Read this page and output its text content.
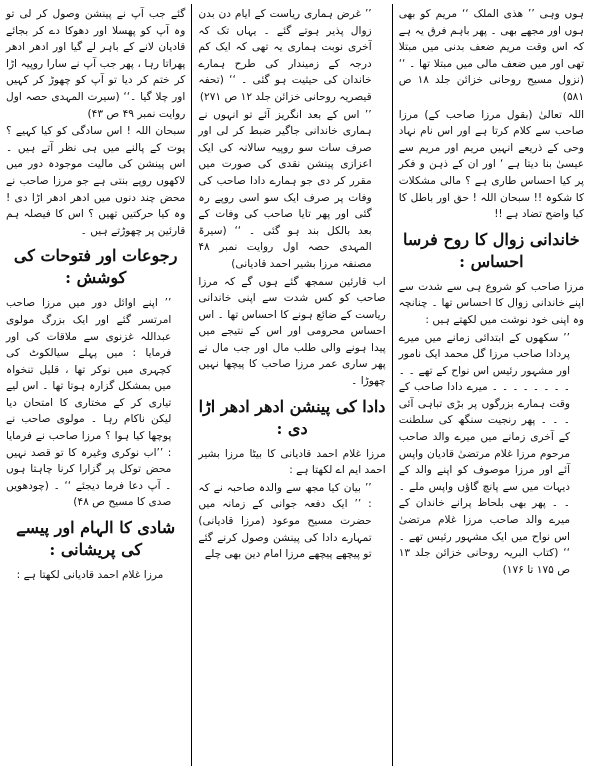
گئے جب آپ نے پینشن وصول کر لی تو وہ آپ کو پھسلا اور دھوکا دے کر بجائے قادیان لانے کے باہر لے گیا اور ادھر ادھر پھراتا رہا ، پھر جب آپ نے سارا روپیہ اڑا کر ختم کر دیا تو آپ کو چھوڑ کر کہیں اور چلا گیا ۔‘‘ (سیرت المہدی حصہ اول روایت نمبر ۴۹ ص ۴۳)

سبحان اللہ ! اس سادگی کو کیا کہیے ؟ پوت کے پالنے میں ہی نظر آتے ہیں ۔ اس پینشن کی مالیت موجودہ دور میں لاکھوں روپے بنتی ہے جو مرزا صاحب نے محض چند دنوں میں ادھر ادھر اڑا دی ! وہ کیا حرکتیں تھیں ؟ اس کا فیصلہ ہم قارئین پر چھوڑتے ہیں ۔

رجوعات اور فتوحات کی کوشش :

’’ اپنے اوائل دور میں مرزا صاحب امرتسر گئے اور ایک بزرگ مولوی عبداللہ غزنوی سے ملاقات کی اور فرمایا : میں پہلے سیالکوٹ کی کچہری میں نوکر تھا ، قلیل تنخواہ میں بمشکل گزارہ ہوتا تھا ۔ اس لیے تیاری کر کے مختاری کا امتحان دیا لیکن ناکام رہا ۔ مولوی صاحب نے پوچھا کیا ہوا ؟ مرزا صاحب نے فرمایا : ’’اب نوکری وغیرہ کا تو قصد نہیں محض توکل پر گزارا کرنا چاہتا ہوں ۔ آپ دعا فرما دیجئے ‘‘ ۔ (چودھویں صدی کا مسیح ص ۴۸)

شادی کا الہام اور پیسے کی پریشانی :

مرزا غلام احمد قادیانی لکھتا ہے :

’’ غرض ہماری ریاست کے ایام دن بدن زوال پذیر ہوتے گئے ۔ یہاں تک کہ آخری نوبت ہماری یہ تھی کہ ایک کم درجہ کے زمیندار کی طرح ہمارے خاندان کی حیثیت ہو گئی ۔ ‘‘ (تحفہ قیصریہ روحانی خزائن جلد ۱۲ ص ۲۷۱)

’’ اس کے بعد انگریز آئے تو انہوں نے ہماری خاندانی جاگیر ضبط کر لی اور صرف سات سو روپیہ سالانہ کی ایک اعزازی پینشن نقدی کی صورت میں مقرر کر دی جو ہمارے دادا صاحب کی وفات پر صرف ایک سو اسی روپے رہ گئی اور پھر تایا صاحب کی وفات کے بعد بالکل بند ہو گئی ۔ ‘‘ (سیرۃ المہدی حصہ اول روایت نمبر ۴۸ مصنفہ مرزا بشیر احمد قادیانی)

اب قارئین سمجھ گئے ہوں گے کہ مرزا صاحب کو کس شدت سے اپنی خاندانی ریاست کے ضائع ہونے کا احساس تھا ۔ اس احساس محرومی اور اس کے نتیجے میں پیدا ہونے والی طلب مال اور جب مال نے پھر ساری عمر مرزا صاحب کا پیچھا نہیں چھوڑا ۔

دادا کی پینشن ادھر ادھر اڑا دی :

مرزا غلام احمد قادیانی کا بیٹا مرزا بشیر احمد ایم اے لکھتا ہے :

’’ بیان کیا مجھ سے والدہ صاحبہ نے کہ : ’’ ایک دفعہ جوانی کے زمانہ میں حضرت مسیح موعود (مرزا قادیانی) تمہارے دادا کی پینشن وصول کرنے گئے تو پیچھے پیچھے مرزا امام دین بھی چلے

ہوں وہی ’’ ھذی الملک ‘‘ مریم کو بھی ہوں اور مجھے بھی ۔ پھر باہم فرق یہ ہے کہ اس وقت مریم ضعف بدنی میں مبتلا تھی اور میں ضعف مالی میں مبتلا تھا ۔ ‘‘ (نزول مسیح روحانی خزائن جلد ۱۸ ص ۵۸۱)

اللہ تعالیٰ (بقول مرزا صاحب کے) مرزا صاحب سے کلام کرتا ہے اور اس نام نہاد وحی کے ذریعے انہیں مریم اور مریم سے عیسیٰ بنا دیتا ہے ‘ اور ان کے ذہن و فکر پر کیا احساس طاری ہے ؟ مالی مشکلات کا شکوہ !! سبحان اللہ ! حق اور باطل کا کیا واضح تضاد ہے !!

خاندانی زوال کا روح فرسا احساس :

مرزا صاحب کو شروع ہی سے شدت سے اپنے خاندانی زوال کا احساس تھا ۔ چنانچہ وہ اپنی خود نوشت میں لکھتے ہیں :

’’ سکھوں کے ابتدائی زمانے میں میرے پردادا صاحب مرزا گل محمد ایک نامور اور مشہور رئیس اس نواح کے تھے ۔ ۔ ۔ ۔ ۔ ۔ ۔ ۔ ۔ ۔ میرے دادا صاحب کے وقت ہمارے بزرگوں پر بڑی تباہی آئی ۔ ۔ ۔ پھر رنجیت سنگھ کی سلطنت کے آخری زمانے میں میرے والد صاحب مرحوم مرزا غلام مرتضیٰ قادیان واپس آئے اور مرزا موصوف کو اپنے والد کے دیہات میں سے پانچ گاؤں واپس ملے ۔ ۔ ۔ پھر بھی بلحاظ پرانے خاندان کے میرے والد صاحب مرزا غلام مرتضیٰ اس نواح میں ایک مشہور رئیس تھے ۔ ‘‘ (کتاب البریہ روحانی خزائن جلد ۱۳ ص ۱۷۵ تا ۱۷۶)
